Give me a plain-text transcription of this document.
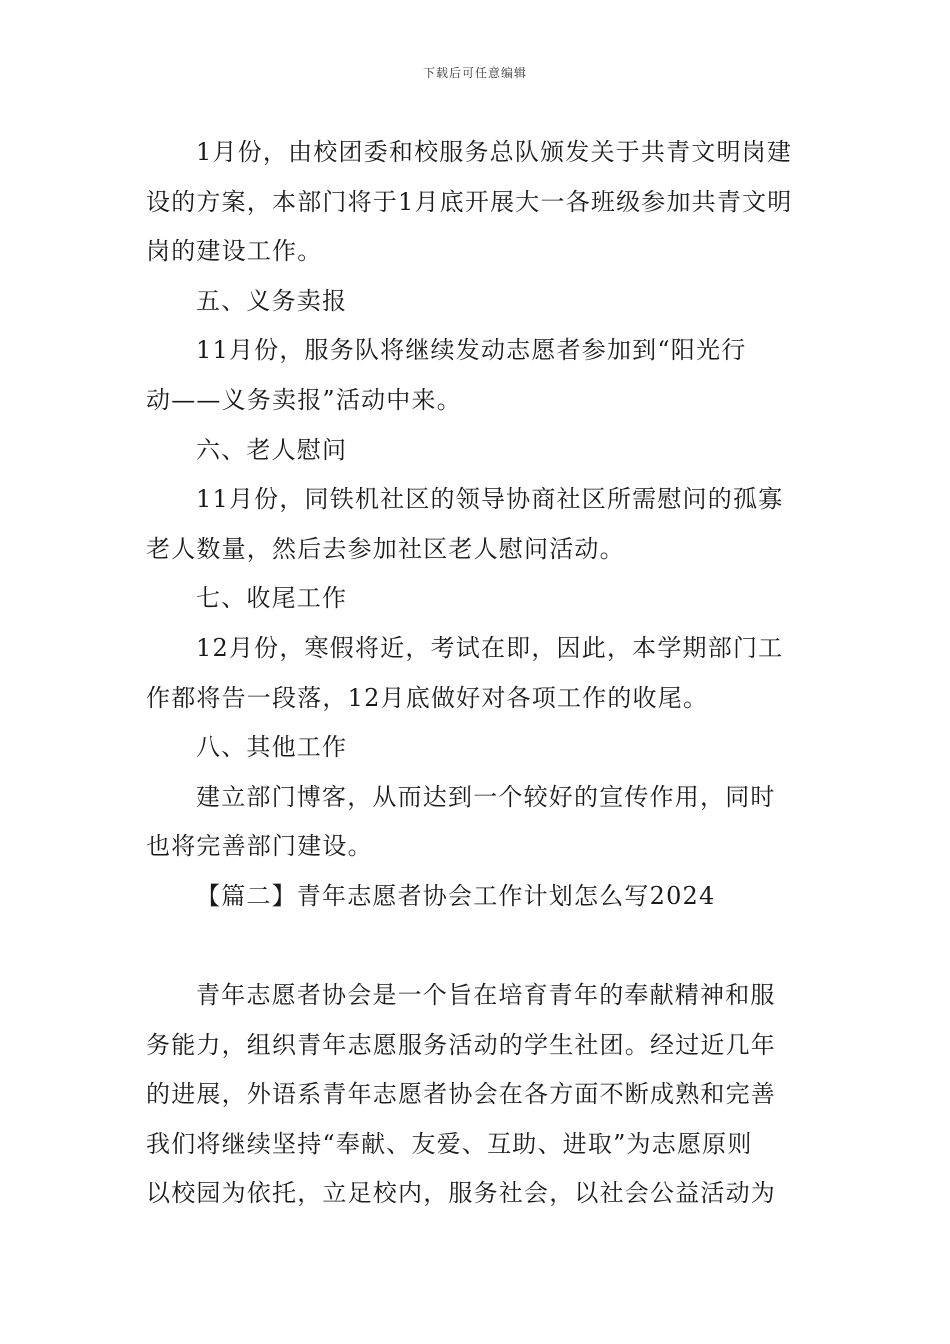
下载后可任意编辑
1月份，由校团委和校服务总队颁发关于共青文明岗建
设的方案，本部门将于1月底开展大一各班级参加共青文明
岗的建设工作。
五、义务卖报
11月份，服务队将继续发动志愿者参加到“阳光行
动——义务卖报”活动中来。
六、老人慰问
11月份，同铁机社区的领导协商社区所需慰问的孤寡
老人数量，然后去参加社区老人慰问活动。
七、收尾工作
12月份，寒假将近，考试在即，因此，本学期部门工
作都将告一段落，12月底做好对各项工作的收尾。
八、其他工作
建立部门博客，从而达到一个较好的宣传作用，同时
也将完善部门建设。
【篇二】青年志愿者协会工作计划怎么写2024
青年志愿者协会是一个旨在培育青年的奉献精神和服
务能力，组织青年志愿服务活动的学生社团。经过近几年
的进展，外语系青年志愿者协会在各方面不断成熟和完善
我们将继续坚持“奉献、友爱、互助、进取”为志愿原则
以校园为依托，立足校内，服务社会，以社会公益活动为
